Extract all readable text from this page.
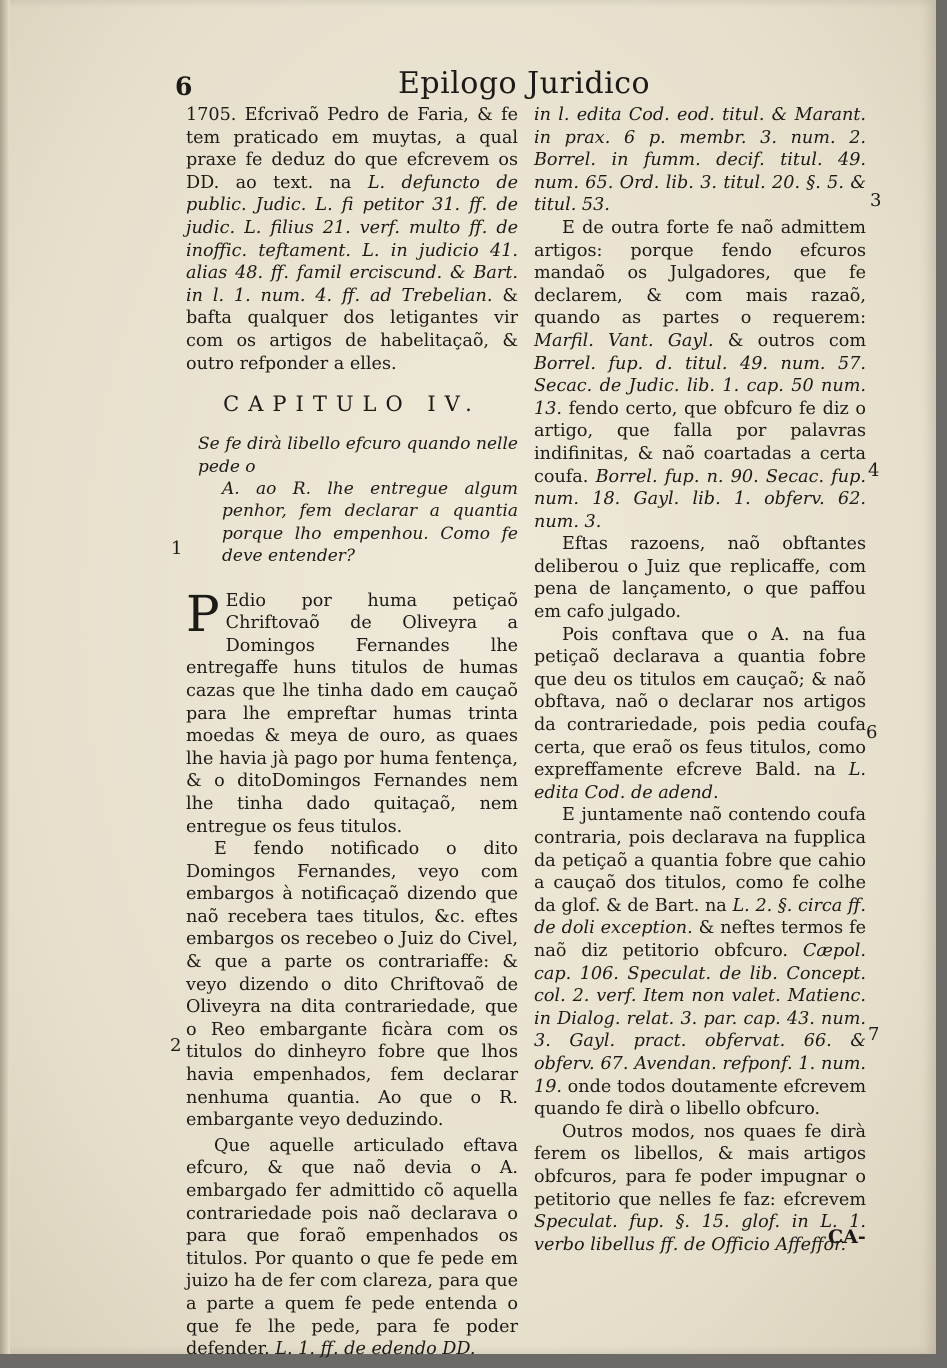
6	Epilogo Juridico

1705. Efcrivaõ Pedro de Faria, & fe tem praticado em muytas, a qual praxe fe deduz do que efcrevem os DD. ao text. na L. defuncto de public. Judic. L. fi petitor 31. ff. de judic. L. filius 21. verf. multo ff. de inoffic. teftament. L. in judicio 41. alias 48. ff. famil erciscund. & Bart. in l. 1. num. 4. ff. ad Trebelian. & bafta qualquer dos letigantes vir com os artigos de habelitaçaõ, & outro refponder a elles.

CAPITULO IV.
Se fe dirà libello efcuro quando nelle pede o
A. ao R. lhe entregue algum penhor, fem declarar a quantia porque lho empenhou. Como fe deve entender?

P Edio por huma petiçaõ Chriftovaõ de Oliveyra a Domingos Fernandes lhe entregaffe huns titulos de humas cazas que lhe tinha dado em cauçaõ para lhe empreftar humas trinta moedas & meya de ouro, as quaes lhe havia jà pago por huma fentença, & o ditoDomingos Fernandes nem lhe tinha dado quitaçaõ, nem entregue os feus titulos.

E fendo notificado o dito Domingos Fernandes, veyo com embargos à notificaçaõ dizendo que naõ recebera taes titulos, &c. eftes embargos os recebeo o Juiz do Civel, & que a parte os contrariaffe: & veyo dizendo o dito Chriftovaõ de Oliveyra na dita contrariedade, que o Reo embargante ficàra com os titulos do dinheyro fobre que lhos havia empenhados, fem declarar nenhuma quantia. Ao que o R. embargante veyo deduzindo.

Que aquelle articulado eftava efcuro, & que naõ devia o A. embargado fer admittido cõ aquella contrariedade pois naõ declarava o para que foraõ empenhados os titulos. Por quanto o que fe pede em juizo ha de fer com clareza, para que a parte a quem fe pede entenda o que fe lhe pede, para fe poder defender. L. 1. ff. de edendo DD.

in l. edita Cod. eod. titul. & Marant. in prax. 6 p. membr. 3. num. 2. Borrel. in fumm. decif. titul. 49. num. 65. Ord. lib. 3. titul. 20. §. 5. & titul. 53.

E de outra forte fe naõ admittem artigos: porque fendo efcuros mandaõ os Julgadores, que fe declarem, & com mais razaõ, quando as partes o requerem: Marfil. Vant. Gayl. & outros com Borrel. fup. d. titul. 49. num. 57. Secac. de Judic. lib. 1. cap. 50 num. 13. fendo certo, que obfcuro fe diz o artigo, que falla por palavras indifinitas, & naõ coartadas a certa coufa. Borrel. fup. n. 90. Secac. fup. num. 18. Gayl. lib. 1. obferv. 62. num. 3.

Eftas razoens, naõ obftantes deliberou o Juiz que replicaffe, com pena de lançamento, o que paffou em cafo julgado.

Pois conftava que o A. na fua petiçaõ declarava a quantia fobre que deu os titulos em cauçaõ; & naõ obftava, naõ o declarar nos artigos da contrariedade, pois pedia coufa certa, que eraõ os feus titulos, como expreffamente efcreve Bald. na L. edita Cod. de adend.

E juntamente naõ contendo coufa contraria, pois declarava na fupplica da petiçaõ a quantia fobre que cahio a cauçaõ dos titulos, como fe colhe da glof. & de Bart. na L. 2. §. circa ff. de doli exception. & neftes termos fe naõ diz petitorio obfcuro. Cæpol. cap. 106. Speculat. de lib. Concept. col. 2. verf. Item non valet. Matienc. in Dialog. relat. 3. par. cap. 43. num. 3. Gayl. pract. obfervat. 66. & obferv. 67. Avendan. refponf. 1. num. 19. onde todos doutamente efcrevem quando fe dirà o libello obfcuro.

Outros modos, nos quaes fe dirà ferem os libellos, & mais artigos obfcuros, para fe poder impugnar o petitorio que nelles fe faz: efcrevem Speculat. fup. §. 15. glof. in L. 1. verbo libellus ff. de Officio Affeffor.

1
2
3
4
6
7
CA-
